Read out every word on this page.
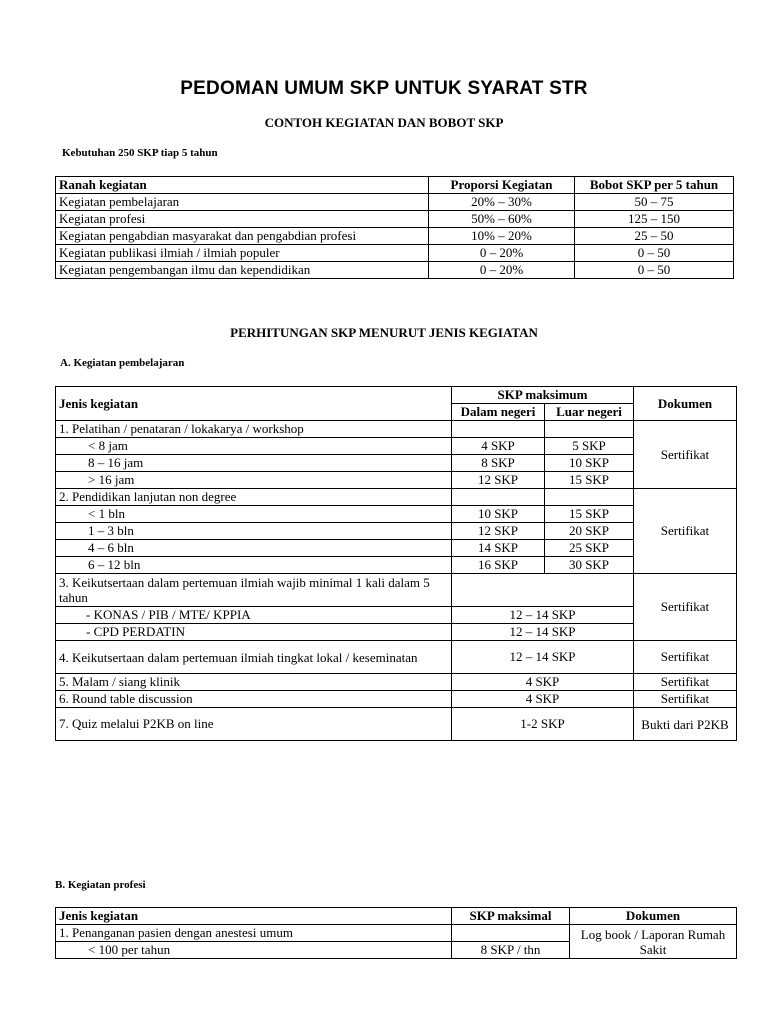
PEDOMAN UMUM SKP UNTUK SYARAT STR
CONTOH KEGIATAN DAN BOBOT SKP
Kebutuhan 250 SKP tiap 5 tahun
Ranah kegiatan	Proporsi Kegiatan	Bobot SKP per 5 tahun
Kegiatan pembelajaran	20% – 30%	50 – 75
Kegiatan profesi	50% – 60%	125 – 150
Kegiatan pengabdian masyarakat dan pengabdian profesi	10% – 20%	25 – 50
Kegiatan publikasi ilmiah / ilmiah populer	0 – 20%	0 – 50
Kegiatan pengembangan ilmu dan kependidikan	0 – 20%	0 – 50
PERHITUNGAN SKP MENURUT JENIS KEGIATAN
A. Kegiatan pembelajaran
Jenis kegiatan	SKP maksimum		Dokumen
	Dalam negeri	Luar negeri	
1. Pelatihan / penataran / lokakarya / workshop			Sertifikat
< 8 jam	4 SKP	5 SKP	
8 – 16 jam	8 SKP	10 SKP	
> 16 jam	12 SKP	15 SKP	
2. Pendidikan lanjutan non degree			Sertifikat
< 1 bln	10 SKP	15 SKP	
1 – 3 bln	12 SKP	20 SKP	
4 – 6 bln	14 SKP	25 SKP	
6 – 12 bln	16 SKP	30 SKP	
3. Keikutsertaan dalam pertemuan ilmiah wajib minimal 1 kali dalam 5 tahun			Sertifikat
- KONAS / PIB / MTE/ KPPIA	12 – 14 SKP		
- CPD PERDATIN	12 – 14 SKP		
4. Keikutsertaan dalam pertemuan ilmiah tingkat lokal / keseminatan	12 – 14 SKP		Sertifikat
5. Malam / siang klinik	4 SKP		Sertifikat
6. Round table discussion	4 SKP		Sertifikat
7. Quiz melalui P2KB on line	1-2 SKP		Bukti dari P2KB
B. Kegiatan profesi
Jenis kegiatan	SKP maksimal	Dokumen
1. Penanganan pasien dengan anestesi umum		Log book / Laporan Rumah Sakit
< 100 per tahun	8 SKP / thn	
